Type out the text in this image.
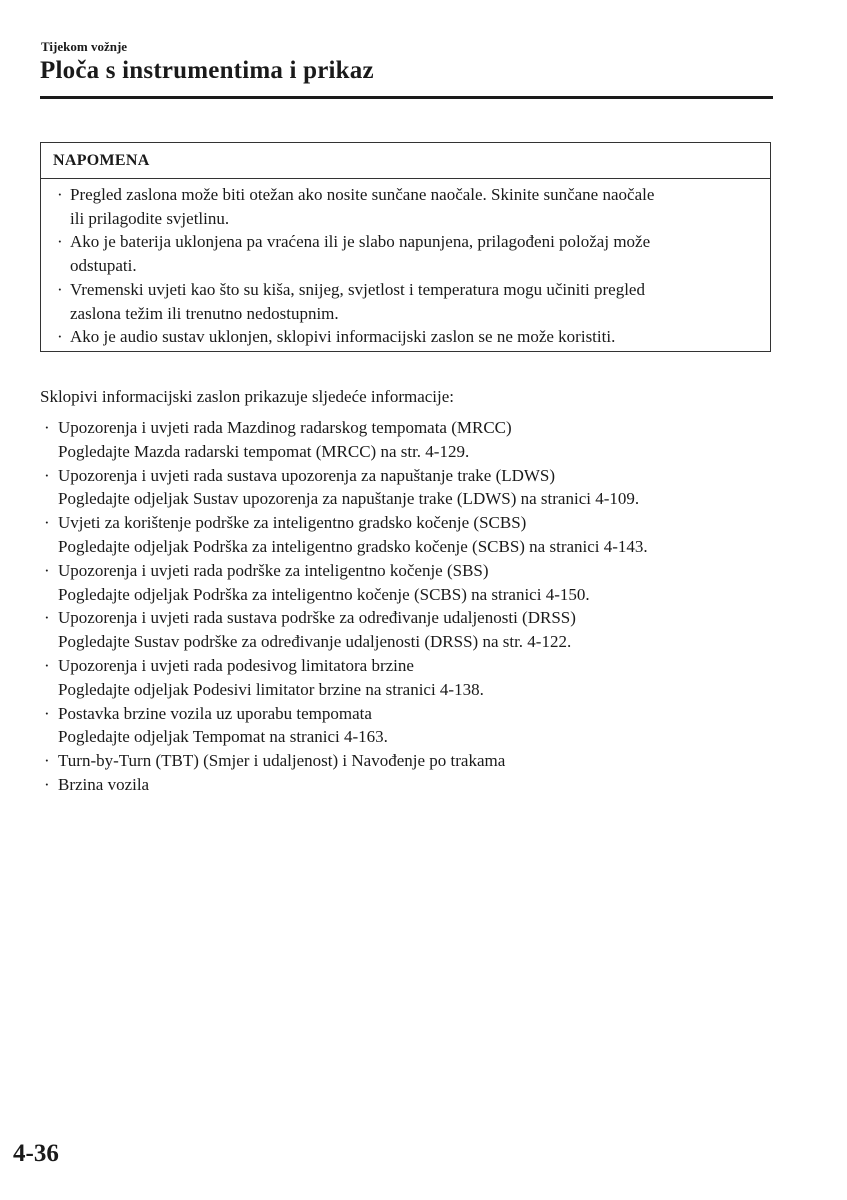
Tijekom vožnje
Ploča s instrumentima i prikaz
NAPOMENA
· Pregled zaslona može biti otežan ako nosite sunčane naočale. Skinite sunčane naočale
ili prilagodite svjetlinu.
· Ako je baterija uklonjena pa vraćena ili je slabo napunjena, prilagođeni položaj može
odstupati.
· Vremenski uvjeti kao što su kiša, snijeg, svjetlost i temperatura mogu učiniti pregled
zaslona težim ili trenutno nedostupnim.
· Ako je audio sustav uklonjen, sklopivi informacijski zaslon se ne može koristiti.
Sklopivi informacijski zaslon prikazuje sljedeće informacije:
· Upozorenja i uvjeti rada Mazdinog radarskog tempomata (MRCC)
Pogledajte Mazda radarski tempomat (MRCC) na str. 4-129.
· Upozorenja i uvjeti rada sustava upozorenja za napuštanje trake (LDWS)
Pogledajte odjeljak Sustav upozorenja za napuštanje trake (LDWS) na stranici 4-109.
· Uvjeti za korištenje podrške za inteligentno gradsko kočenje (SCBS)
Pogledajte odjeljak Podrška za inteligentno gradsko kočenje (SCBS) na stranici 4-143.
· Upozorenja i uvjeti rada podrške za inteligentno kočenje (SBS)
Pogledajte odjeljak Podrška za inteligentno kočenje (SCBS) na stranici 4-150.
· Upozorenja i uvjeti rada sustava podrške za određivanje udaljenosti (DRSS)
Pogledajte Sustav podrške za određivanje udaljenosti (DRSS) na str. 4-122.
· Upozorenja i uvjeti rada podesivog limitatora brzine
Pogledajte odjeljak Podesivi limitator brzine na stranici 4-138.
· Postavka brzine vozila uz uporabu tempomata
Pogledajte odjeljak Tempomat na stranici 4-163.
· Turn-by-Turn (TBT) (Smjer i udaljenost) i Navođenje po trakama
· Brzina vozila
4-36
